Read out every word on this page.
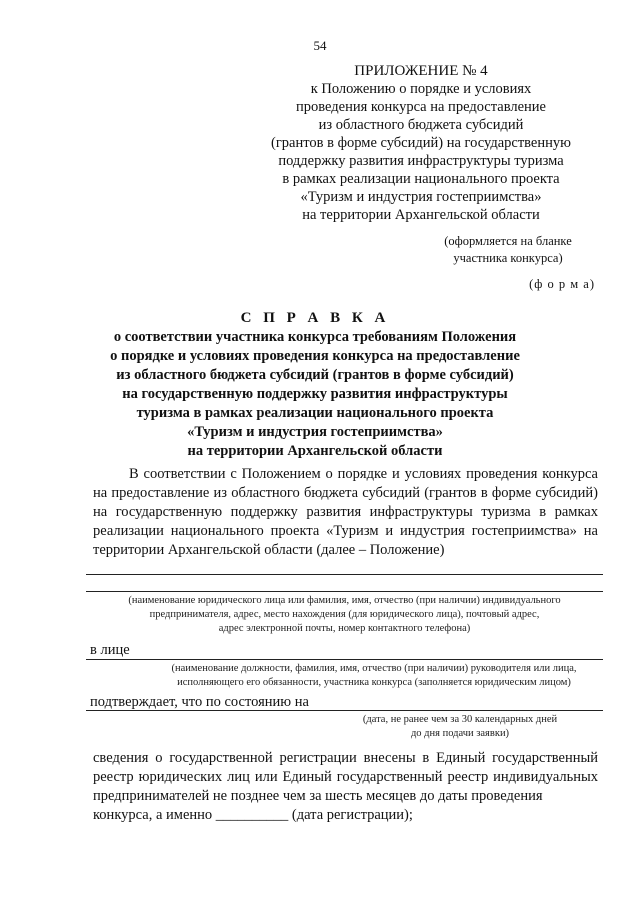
54
ПРИЛОЖЕНИЕ № 4
к Положению о порядке и условиях
проведения конкурса на предоставление
из областного бюджета субсидий
(грантов в форме субсидий) на государственную
поддержку развития инфраструктуры туризма
в рамках реализации национального проекта
«Туризм и индустрия гостеприимства»
на территории Архангельской области
(оформляется на бланке
участника конкурса)
(ф о р м а)
С П Р А В К А
о соответствии участника конкурса требованиям Положения
о порядке и условиях проведения конкурса на предоставление
из областного бюджета субсидий (грантов в форме субсидий)
на государственную поддержку развития инфраструктуры
туризма в рамках реализации национального проекта
«Туризм и индустрия гостеприимства»
на территории Архангельской области
В соответствии с Положением о порядке и условиях проведения конкурса на предоставление из областного бюджета субсидий (грантов в форме субсидий) на государственную поддержку развития инфраструктуры туризма в рамках реализации национального проекта «Туризм и индустрия гостеприимства» на территории Архангельской области (далее – Положение)
(наименование юридического лица или фамилия, имя, отчество (при наличии) индивидуального
предпринимателя, адрес, место нахождения (для юридического лица), почтовый адрес,
адрес электронной почты, номер контактного телефона)
в лице
(наименование должности, фамилия, имя, отчество (при наличии) руководителя или лица,
исполняющего его обязанности, участника конкурса (заполняется юридическим лицом)
подтверждает, что по состоянию на
(дата, не ранее чем за 30 календарных дней
до дня подачи заявки)
сведения о государственной регистрации внесены в Единый государственный реестр юридических лиц или Единый государственный реестр индивидуальных предпринимателей не позднее чем за шесть месяцев до даты проведения
конкурса, а именно __________ (дата регистрации);
